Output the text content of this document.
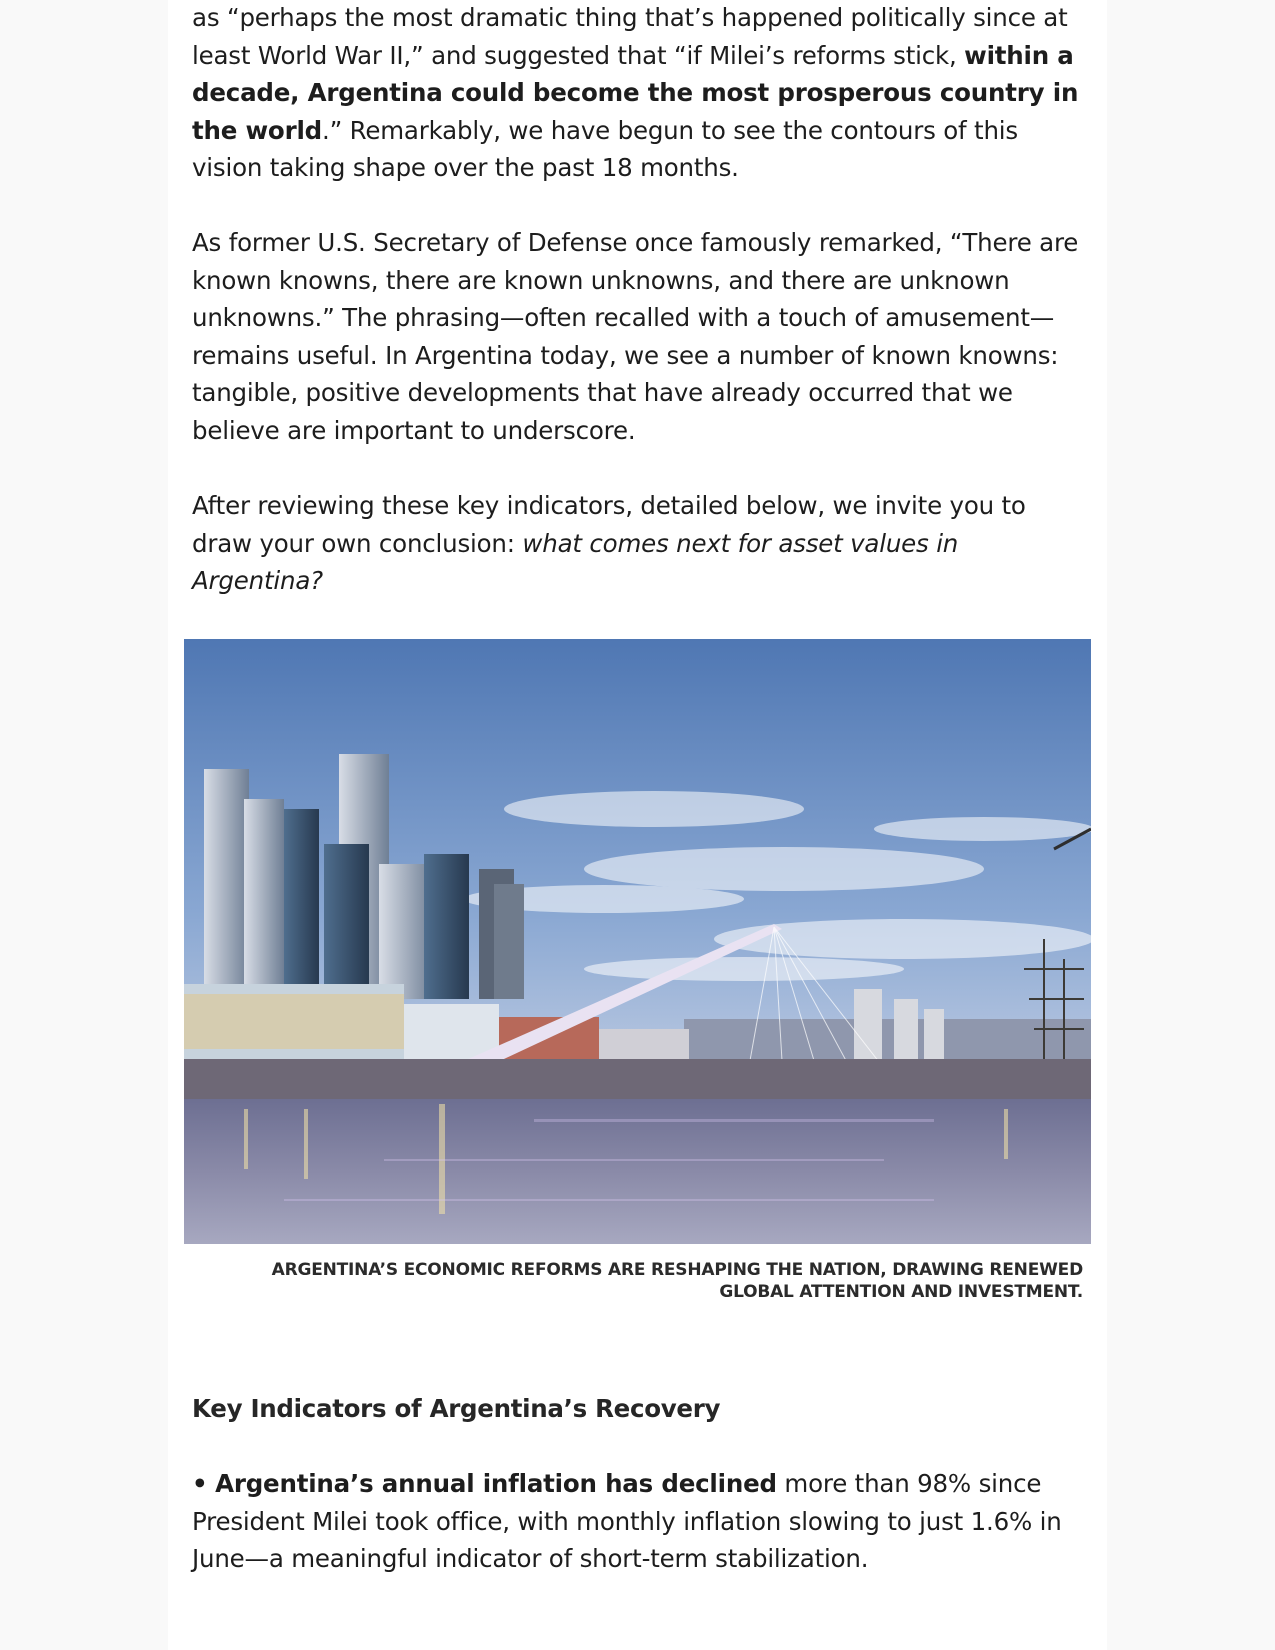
as “perhaps the most dramatic thing that’s happened politically since at least World War II,” and suggested that “if Milei’s reforms stick, within a decade, Argentina could become the most prosperous country in the world.” Remarkably, we have begun to see the contours of this vision taking shape over the past 18 months.

As former U.S. Secretary of Defense once famously remarked, “There are known knowns, there are known unknowns, and there are unknown unknowns.” The phrasing—often recalled with a touch of amusement—remains useful. In Argentina today, we see a number of known knowns: tangible, positive developments that have already occurred that we believe are important to underscore.

After reviewing these key indicators, detailed below, we invite you to draw your own conclusion: what comes next for asset values in Argentina?

ARGENTINA’S ECONOMIC REFORMS ARE RESHAPING THE NATION, DRAWING RENEWED GLOBAL ATTENTION AND INVESTMENT.

Key Indicators of Argentina’s Recovery

• Argentina’s annual inflation has declined more than 98% since President Milei took office, with monthly inflation slowing to just 1.6% in June—a meaningful indicator of short-term stabilization.
